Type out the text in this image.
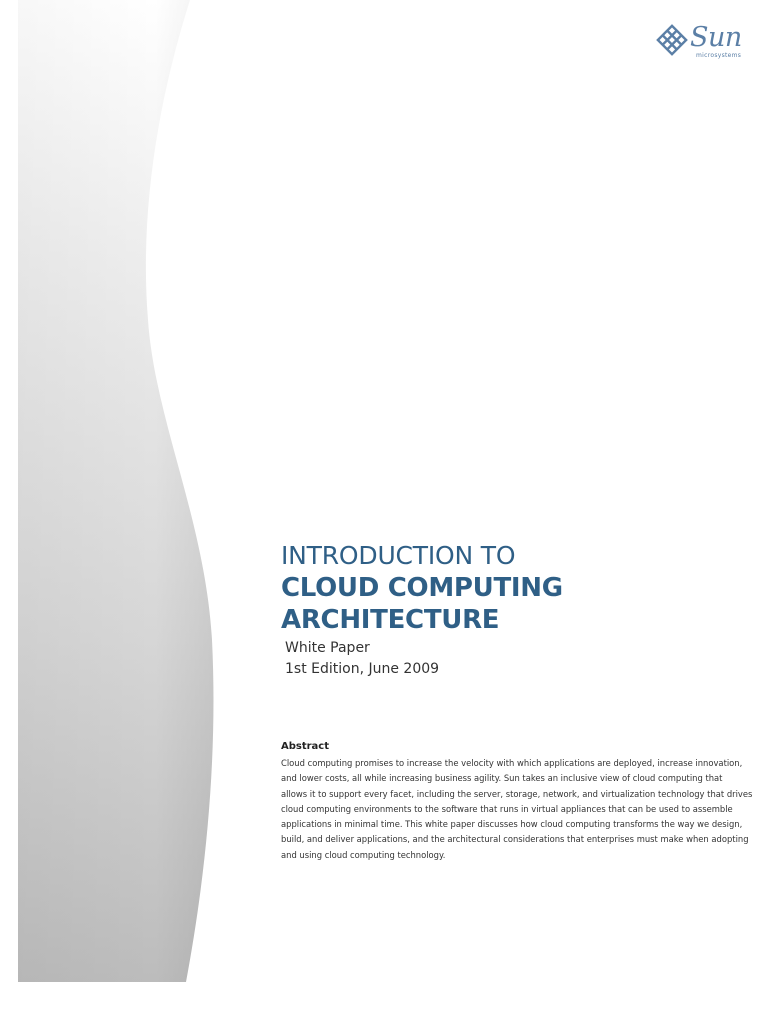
Sun
microsystems
INTRODUCTION TO
CLOUD COMPUTING
ARCHITECTURE
White Paper
1st Edition, June 2009
Abstract
Cloud computing promises to increase the velocity with which applications are deployed, increase innovation,
and lower costs, all while increasing business agility. Sun takes an inclusive view of cloud computing that
allows it to support every facet, including the server, storage, network, and virtualization technology that drives
cloud computing environments to the software that runs in virtual appliances that can be used to assemble
applications in minimal time. This white paper discusses how cloud computing transforms the way we design,
build, and deliver applications, and the architectural considerations that enterprises must make when adopting
and using cloud computing technology.
